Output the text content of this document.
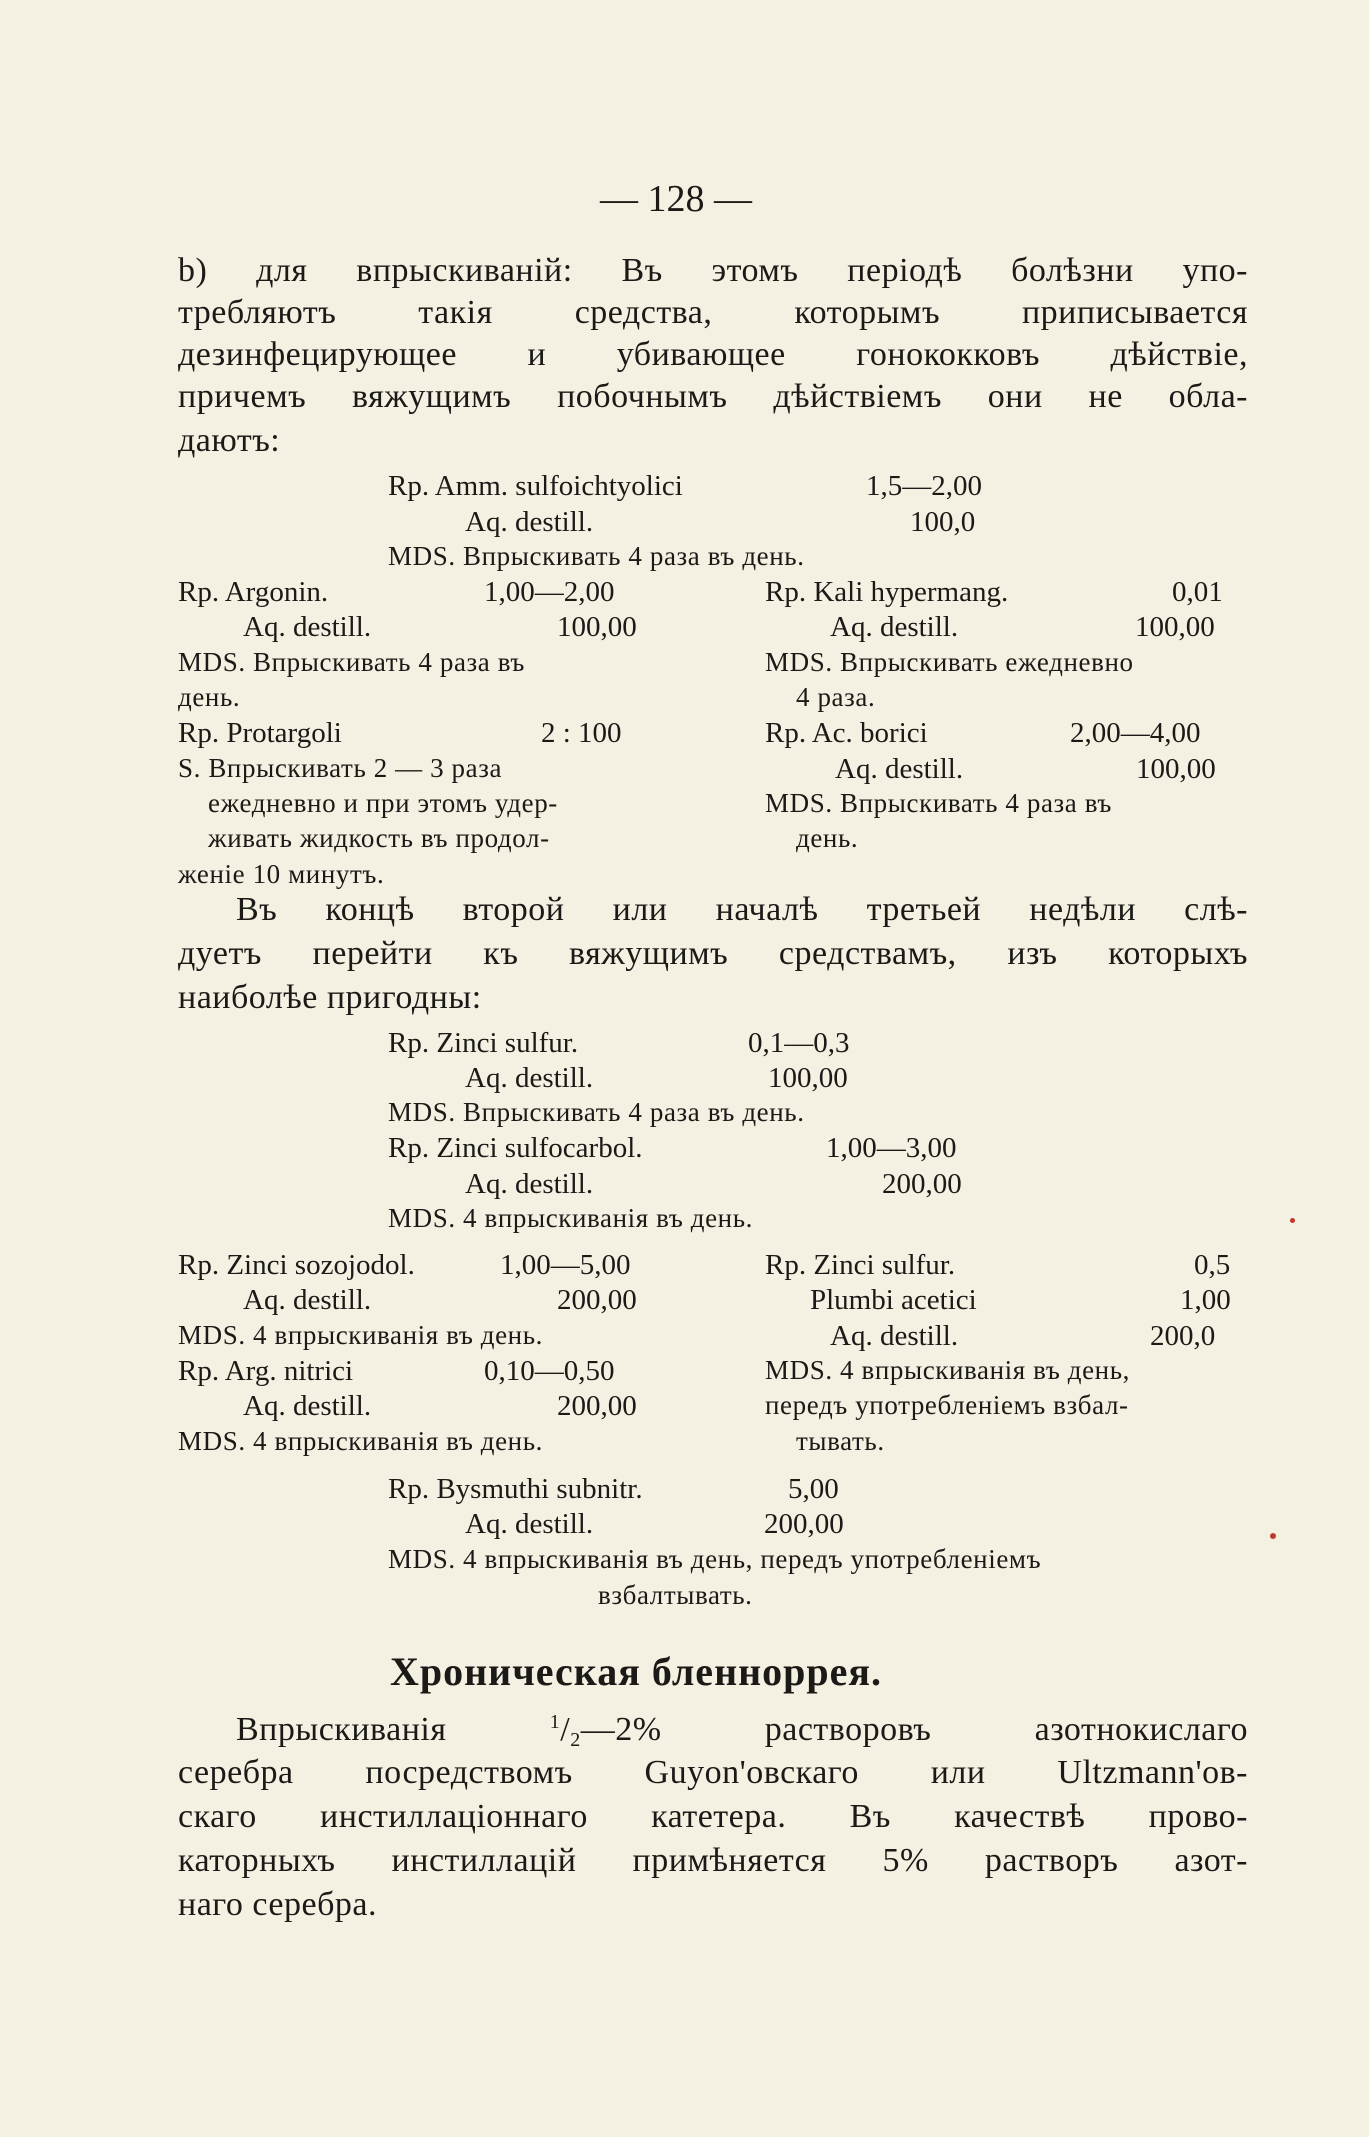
— 128 —
b) для впрыскиваній: Въ этомъ періодѣ болѣзни упо-
требляютъ такія средства, которымъ приписывается
дезинфецирующее и убивающее гонококковъ дѣйствіе,
причемъ вяжущимъ побочнымъ дѣйствіемъ они не обла-
даютъ:
Rp. Amm. sulfoichtyolici	1,5—2,00
Aq. destill.	100,0
MDS. Впрыскивать 4 раза въ день.
Rp. Argonin.	1,00—2,00
Aq. destill.	100,00
MDS. Впрыскивать 4 раза въ
день.
Rp. Protargoli	2 : 100
S. Впрыскивать 2 — 3 раза
ежедневно и при этомъ удер-
живать жидкость въ продол-
женіе 10 минутъ.
Rp. Kali hypermang.	0,01
Aq. destill.	100,00
MDS. Впрыскивать ежедневно
4 раза.
Rp. Ac. borici	2,00—4,00
Aq. destill.	100,00
MDS. Впрыскивать 4 раза въ
день.
Въ концѣ второй или началѣ третьей недѣли слѣ-
дуетъ перейти къ вяжущимъ средствамъ, изъ которыхъ
наиболѣе пригодны:
Rp. Zinci sulfur.	0,1—0,3
Aq. destill.	100,00
MDS. Впрыскивать 4 раза въ день.
Rp. Zinci sulfocarbol.	1,00—3,00
Aq. destill.	200,00
MDS. 4 впрыскиванія въ день.
Rp. Zinci sozojodol.	1,00—5,00
Aq. destill.	200,00
MDS. 4 впрыскиванія въ день.
Rp. Arg. nitrici	0,10—0,50
Aq. destill.	200,00
MDS. 4 впрыскиванія въ день.
Rp. Zinci sulfur.	0,5
Plumbi acetici	1,00
Aq. destill.	200,0
MDS. 4 впрыскиванія въ день,
передъ употребленіемъ взбал-
тывать.
Rp. Bysmuthi subnitr.	5,00
Aq. destill.	200,00
MDS. 4 впрыскиванія въ день, передъ употребленіемъ
взбалтывать.
Хроническая бленноррея.
Впрыскиванія $^1/_2—2\%$ растворовъ азотнокислаго
серебра посредствомъ Guyon'овскаго или Ultzmann'ов-
скаго инстиллаціоннаго катетера. Въ качествѣ прово-
каторныхъ инстиллацій примѣняется 5% растворъ азот-
наго серебра.
